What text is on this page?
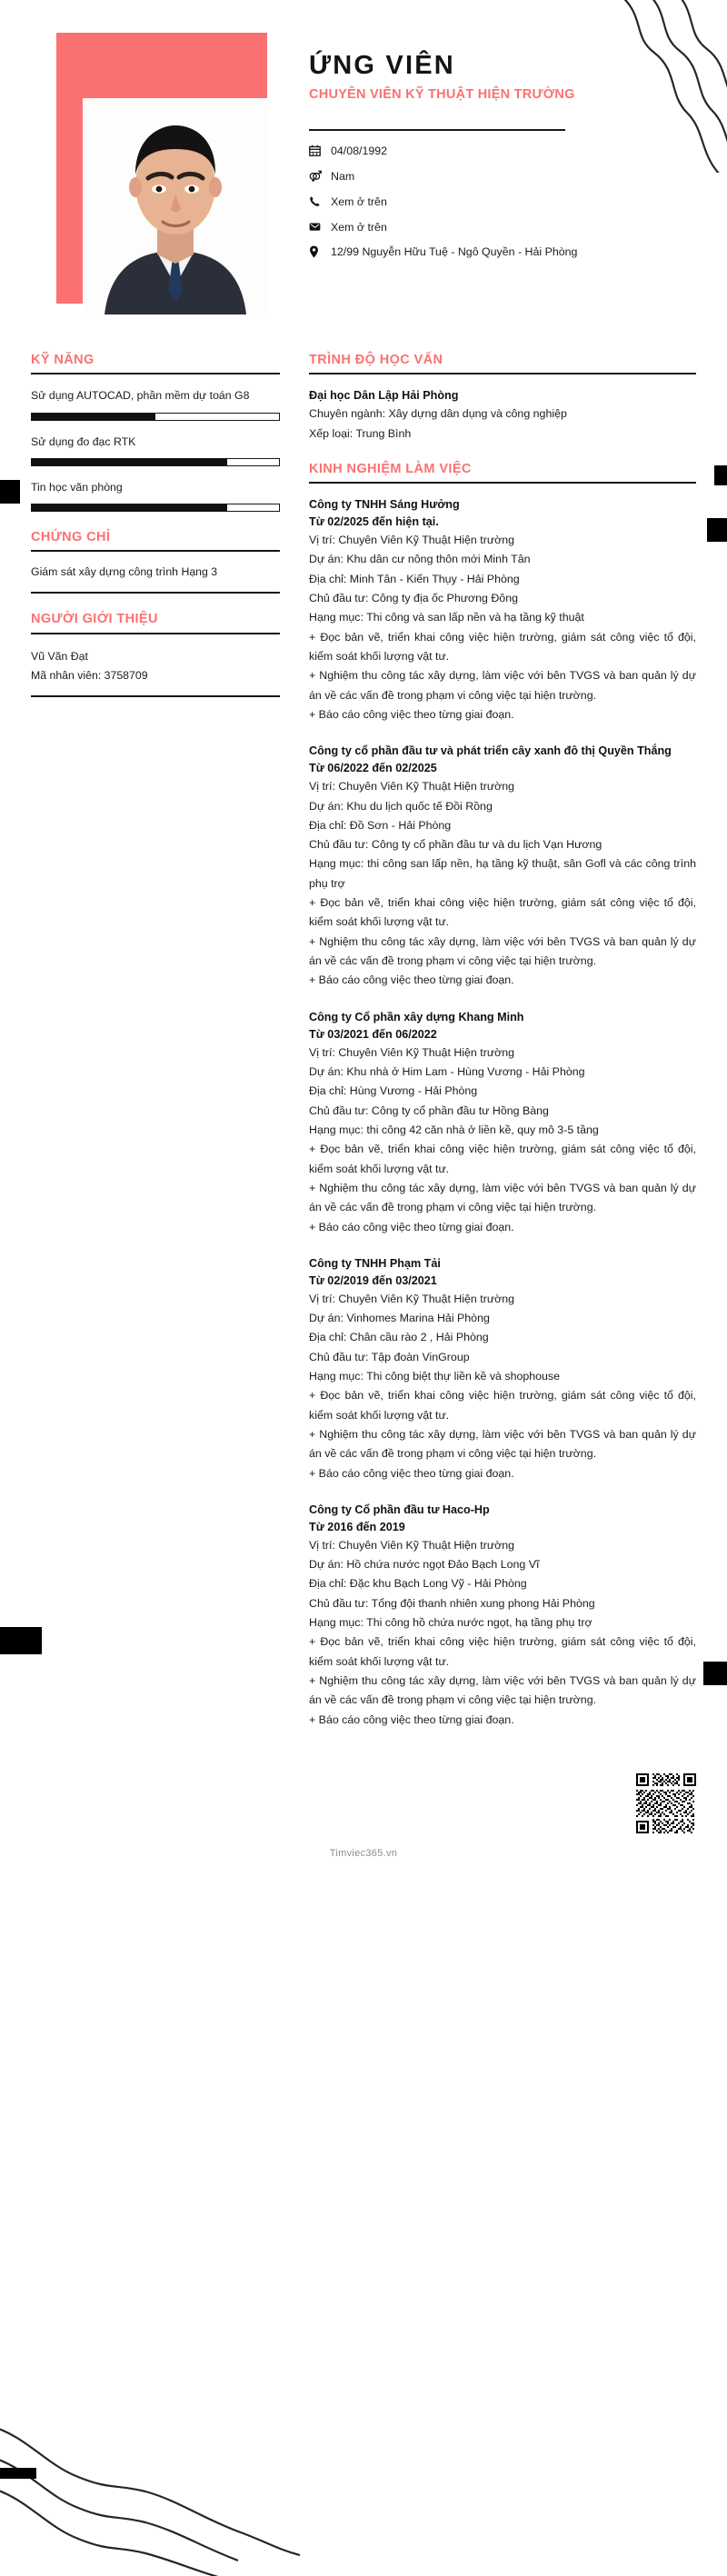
ỨNG VIÊN
CHUYÊN VIÊN KỸ THUẬT HIỆN TRƯỜNG
04/08/1992
Nam
Xem ở trên
Xem ở trên
12/99 Nguyễn Hữu Tuệ - Ngô Quyền - Hải Phòng
KỸ NĂNG
Sử dụng AUTOCAD, phần mềm dự toán G8
Sử dụng đo đạc RTK
Tin học văn phòng
CHỨNG CHỈ
Giám sát xây dựng công trình Hạng 3
NGƯỜI GIỚI THIỆU
Vũ Văn Đạt
Mã nhân viên: 3758709
TRÌNH ĐỘ HỌC VẤN
Đại học Dân Lập Hải Phòng
Chuyên ngành: Xây dựng dân dụng và công nghiệp
Xếp loại: Trung Bình
KINH NGHIỆM LÀM VIỆC
Công ty TNHH Sáng Hưởng
Từ 02/2025 đến hiện tại.
Vị trí: Chuyên Viên Kỹ Thuật Hiện trường
Dự án: Khu dân cư nông thôn mới Minh Tân
Địa chỉ: Minh Tân - Kiến Thụy - Hải Phòng
Chủ đầu tư: Công ty địa ốc Phương Đông
Hạng mục: Thi công và san lấp nền và hạ tầng kỹ thuật
+ Đọc bản vẽ, triển khai công việc hiện trường, giám sát công việc tổ đội, kiểm soát khối lượng vật tư.
+ Nghiệm thu công tác xây dựng, làm việc với bên TVGS và ban quản lý dự án về các vấn đề trong phạm vi công việc tại hiện trường.
+ Báo cáo công việc theo từng giai đoạn.
Công ty cổ phần đầu tư và phát triển cây xanh đô thị Quyền Thắng
Từ 06/2022 đến 02/2025
Vị trí: Chuyên Viên Kỹ Thuật Hiện trường
Dự án: Khu du lịch quốc tế Đồi Rồng
Địa chỉ: Đồ Sơn - Hải Phòng
Chủ đầu tư: Công ty cổ phần đầu tư và du lịch Vạn Hương
Hạng mục: thi công san lấp nền, hạ tầng kỹ thuật, sân Gofl và các công trình phụ trợ
+ Đọc bản vẽ, triển khai công việc hiện trường, giám sát công việc tổ đội, kiểm soát khối lượng vật tư.
+ Nghiệm thu công tác xây dựng, làm việc với bên TVGS và ban quản lý dự án về các vấn đề trong phạm vi công việc tại hiện trường.
+ Báo cáo công việc theo từng giai đoạn.
Công ty Cổ phần xây dựng Khang Minh
Từ 03/2021 đến 06/2022
Vị trí: Chuyên Viên Kỹ Thuật Hiện trường
Dự án: Khu nhà ở Him Lam - Hùng Vương - Hải Phòng
Địa chỉ: Hùng Vương - Hải Phòng
Chủ đầu tư: Công ty cổ phần đầu tư Hồng Bàng
Hạng mục: thi công 42 căn nhà ở liền kề, quy mô 3-5 tầng
+ Đọc bản vẽ, triển khai công việc hiện trường, giám sát công việc tổ đội, kiểm soát khối lượng vật tư.
+ Nghiệm thu công tác xây dựng, làm việc với bên TVGS và ban quản lý dự án về các vấn đề trong phạm vi công việc tại hiện trường.
+ Báo cáo công việc theo từng giai đoạn.
Công ty TNHH Phạm Tải
Từ 02/2019 đến 03/2021
Vị trí: Chuyên Viên Kỹ Thuật Hiện trường
Dự án: Vinhomes Marina Hải Phòng
Địa chỉ: Chân cầu rào 2 , Hải Phòng
Chủ đầu tư: Tập đoàn VinGroup
Hạng mục: Thi công biệt thự liền kề và shophouse
+ Đọc bản vẽ, triển khai công việc hiện trường, giám sát công việc tổ đội, kiểm soát khối lượng vật tư.
+ Nghiệm thu công tác xây dựng, làm việc với bên TVGS và ban quản lý dự án về các vấn đề trong phạm vi công việc tại hiện trường.
+ Báo cáo công việc theo từng giai đoạn.
Công ty Cổ phần đầu tư Haco-Hp
Từ 2016 đến 2019
Vị trí: Chuyên Viên Kỹ Thuật Hiện trường
Dự án: Hồ chứa nước ngọt Đảo Bạch Long Vĩ
Địa chỉ: Đặc khu Bạch Long Vỹ - Hải Phòng
Chủ đầu tư: Tổng đội thanh nhiên xung phong Hải Phòng
Hạng mục: Thi công hồ chứa nước ngọt, hạ tầng phụ trợ
+ Đọc bản vẽ, triển khai công việc hiện trường, giám sát công việc tổ đội, kiểm soát khối lượng vật tư.
+ Nghiệm thu công tác xây dựng, làm việc với bên TVGS và ban quản lý dự án về các vấn đề trong phạm vi công việc tại hiện trường.
+ Báo cáo công việc theo từng giai đoạn.
Timviec365.vn
